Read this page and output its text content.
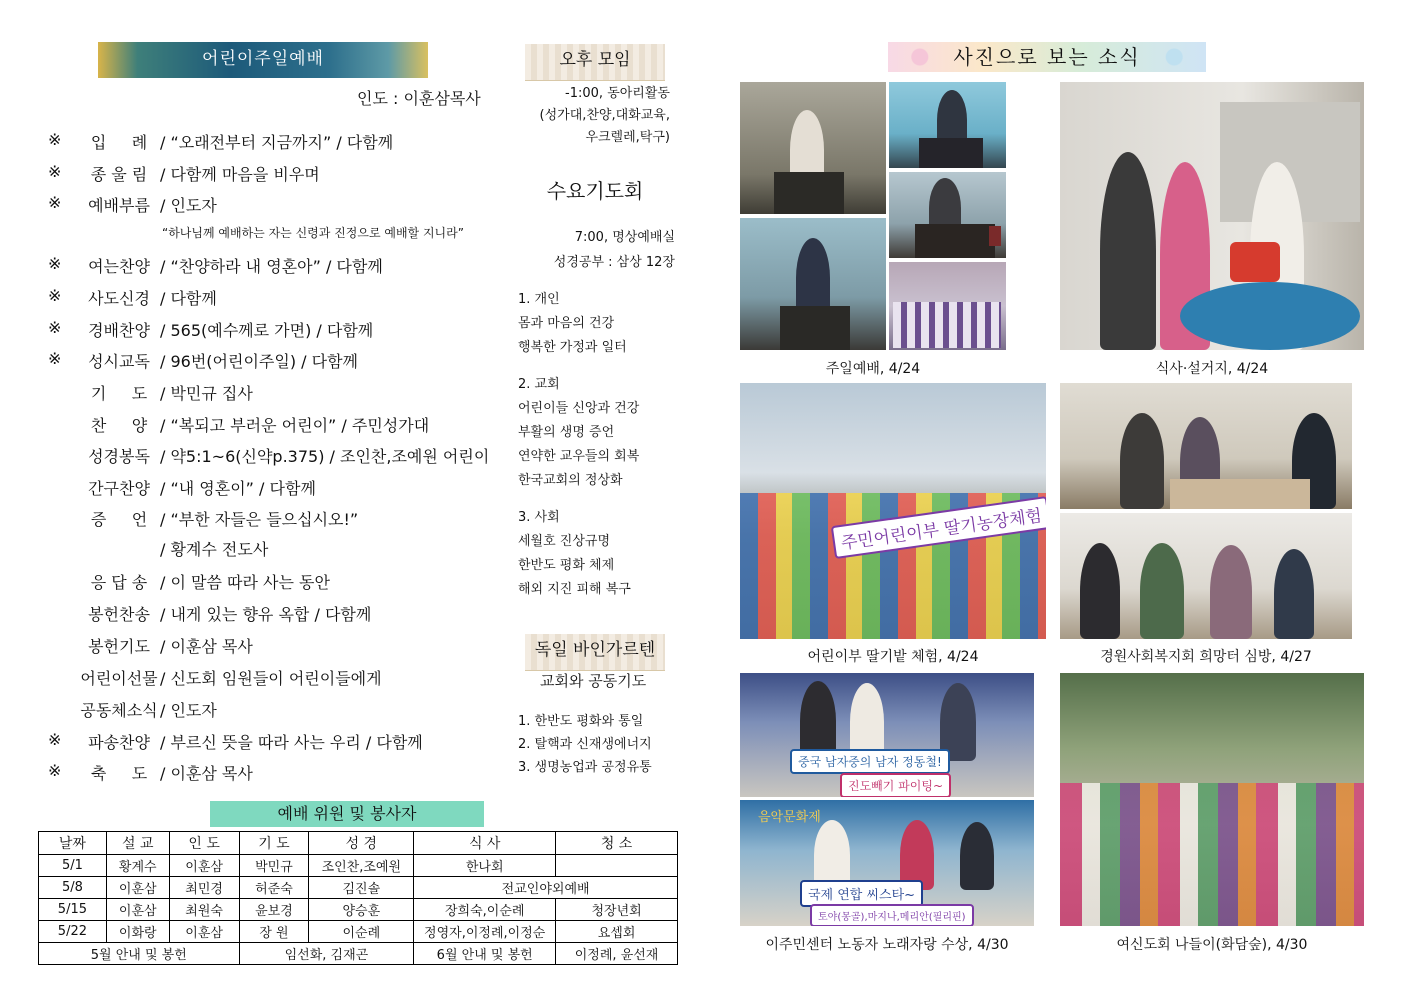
어린이주일예배
인도 : 이훈삼목사
※	입     례 / “오래전부터 지금까지” / 다함께
※	종 울 림 / 다함께 마음을 비우며
※	예배부름 / 인도자
※	여는찬양 / “찬양하라 내 영혼아” / 다함께
※	사도신경 / 다함께
※	경배찬양 / 565(예수께로 가면) / 다함께
※	성시교독 / 96번(어린이주일) / 다함께
기     도 / 박민규 집사
찬     양 / “복되고 부러운 어린이” / 주민성가대
성경봉독 / 약5:1~6(신약p.375) / 조인찬,조예원 어린이
간구찬양 / “내 영혼이” / 다함께
증     언 / “부한 자들은 들으십시오!”
응 답 송 / 이 말씀 따라 사는 동안
봉헌찬송 / 내게 있는 향유 옥합 / 다함께
봉헌기도 / 이훈삼 목사
어린이선물 / 신도회 임원들이 어린이들에게
공동체소식 / 인도자
※	파송찬양 / 부르신 뜻을 따라 사는 우리 / 다함께
※	축     도 / 이훈삼 목사
“하나님께 예배하는 자는 신령과 진정으로 예배할 지니라”
/ 황계수 전도사
예배 위원 및 봉사자
날짜	설 교	인 도	기 도	성 경	식 사	청 소
5/1	황계수	이훈삼	박민규	조인찬,조예원	한나회	
5/8	이훈삼	최민경	허준숙	김진솔	전교인야외예배	
5/15	이훈삼	최원숙	윤보경	양승훈	장희숙,이순례	청장년회
5/22	이화랑	이훈삼	장 원	이순례	정영자,이정례,이정순	요셉회
5월 안내 및 봉헌			임선화, 김재곤		6월 안내 및 봉헌	이정례, 윤선재
오후 모임
-1:00, 동아리활동
(성가대,찬양,대화교육,
우크렐레,탁구)
수요기도회
7:00, 명상예배실
성경공부 : 삼상 12장
1. 개인
몸과 마음의 건강
행복한 가정과 일터
2. 교회
어린이들 신앙과 건강
부활의 생명 증언
연약한 교우들의 회복
한국교회의 정상화
3. 사회
세월호 진상규명
한반도 평화 체제
해외 지진 피해 복구
독일 바인가르텐
교회와 공동기도
1. 한반도 평화와 통일
2. 탈핵과 신재생에너지
3. 생명농업과 공정유통
사진으로 보는 소식
주일예배, 4/24	식사·설거지, 4/24
주민어린이부 딸기농장체험
어린이부 딸기밭 체험, 4/24	경원사회복지회 희망터 심방, 4/27
중국 남자중의 남자 정동철!
진도빼기 파이팅~
음악문화제
국제 연합 씨스타~
토야(몽골),마지나,메리안(필리핀)
이주민센터 노동자 노래자랑 수상, 4/30	여신도회 나들이(화담숲), 4/30
